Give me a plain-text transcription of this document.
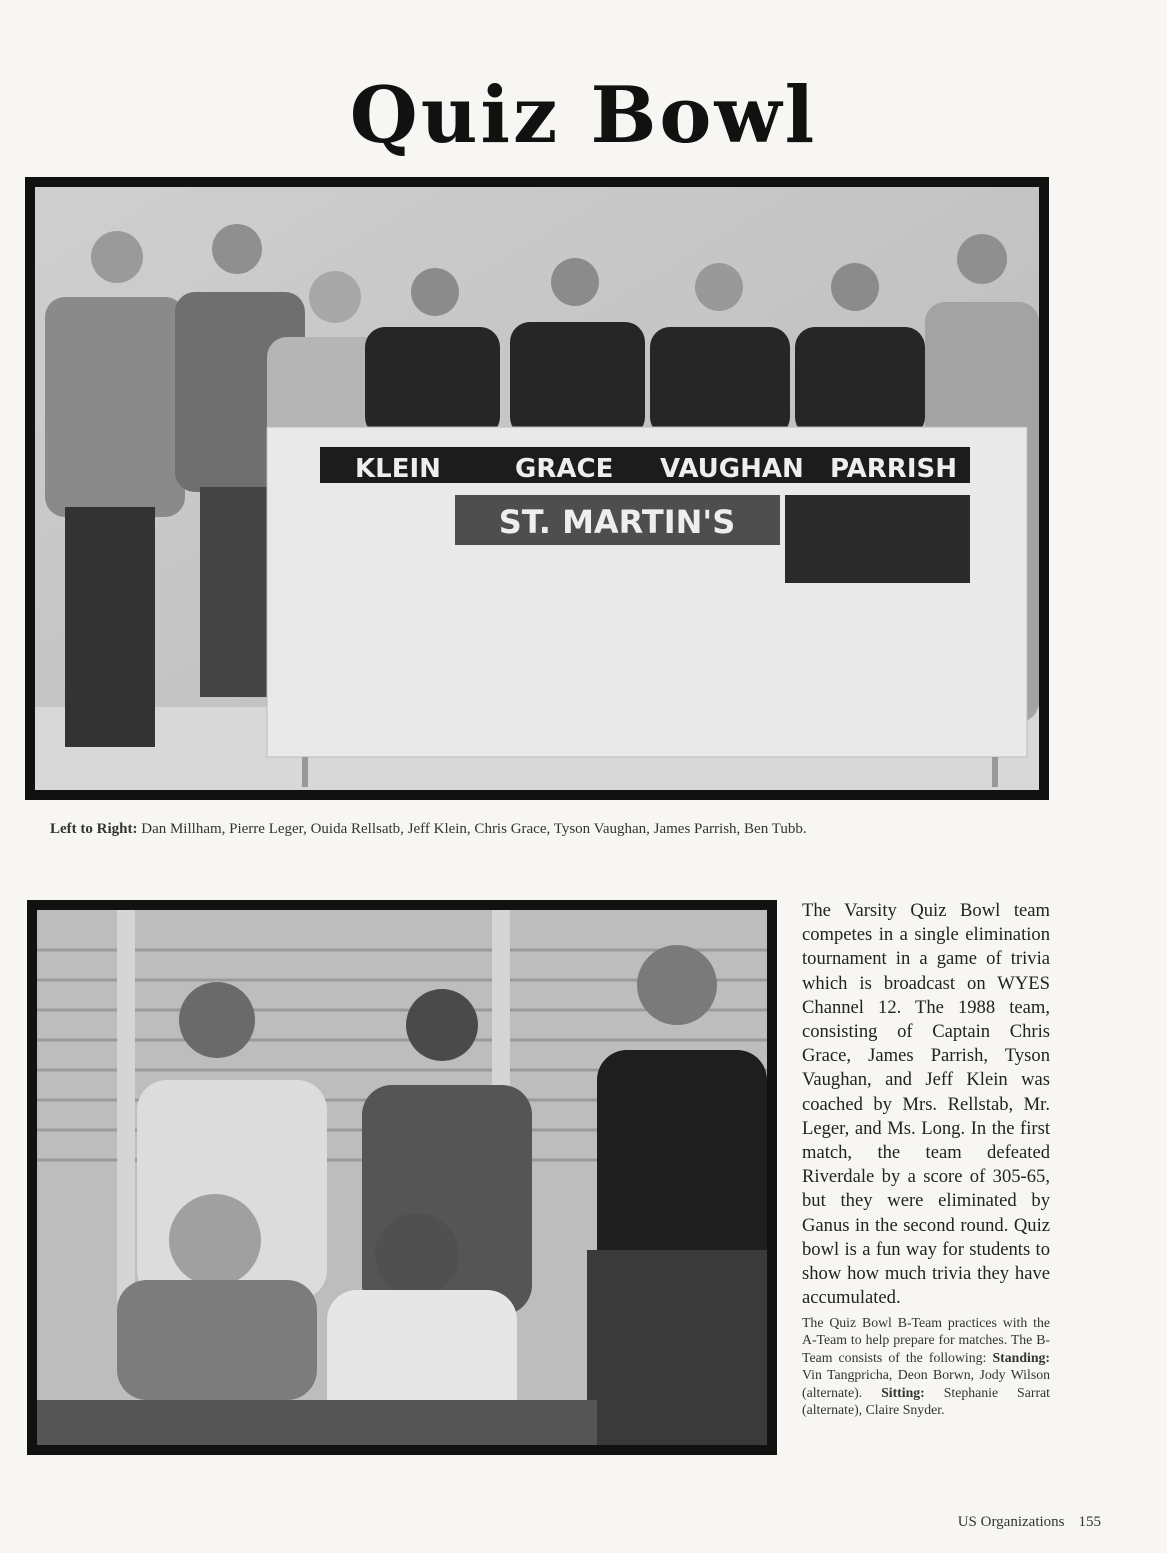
Quiz Bowl
KLEIN	GRACE VAUGHAN PARRISH
ST. MARTIN'S
Left to Right: Dan Millham, Pierre Leger, Ouida Rellsatb, Jeff Klein, Chris Grace, Tyson Vaughan, James Parrish, Ben Tubb.
The Varsity Quiz Bowl team competes in a single elimination tournament in a game of trivia which is broadcast on WYES Channel 12. The 1988 team, consisting of Captain Chris Grace, James Parrish, Tyson Vaughan, and Jeff Klein was coached by Mrs. Rellstab, Mr. Leger, and Ms. Long. In the first match, the team defeated Riverdale by a score of 305-65, but they were eliminated by Ganus in the second round. Quiz bowl is a fun way for students to show how much trivia they have accumulated.
The Quiz Bowl B-Team practices with the A-Team to help prepare for matches. The B-Team consists of the following: Standing: Vin Tangpricha, Deon Borwn, Jody Wilson (alternate). Sitting: Stephanie Sarrat (alternate), Claire Snyder.
US Organizations 155
